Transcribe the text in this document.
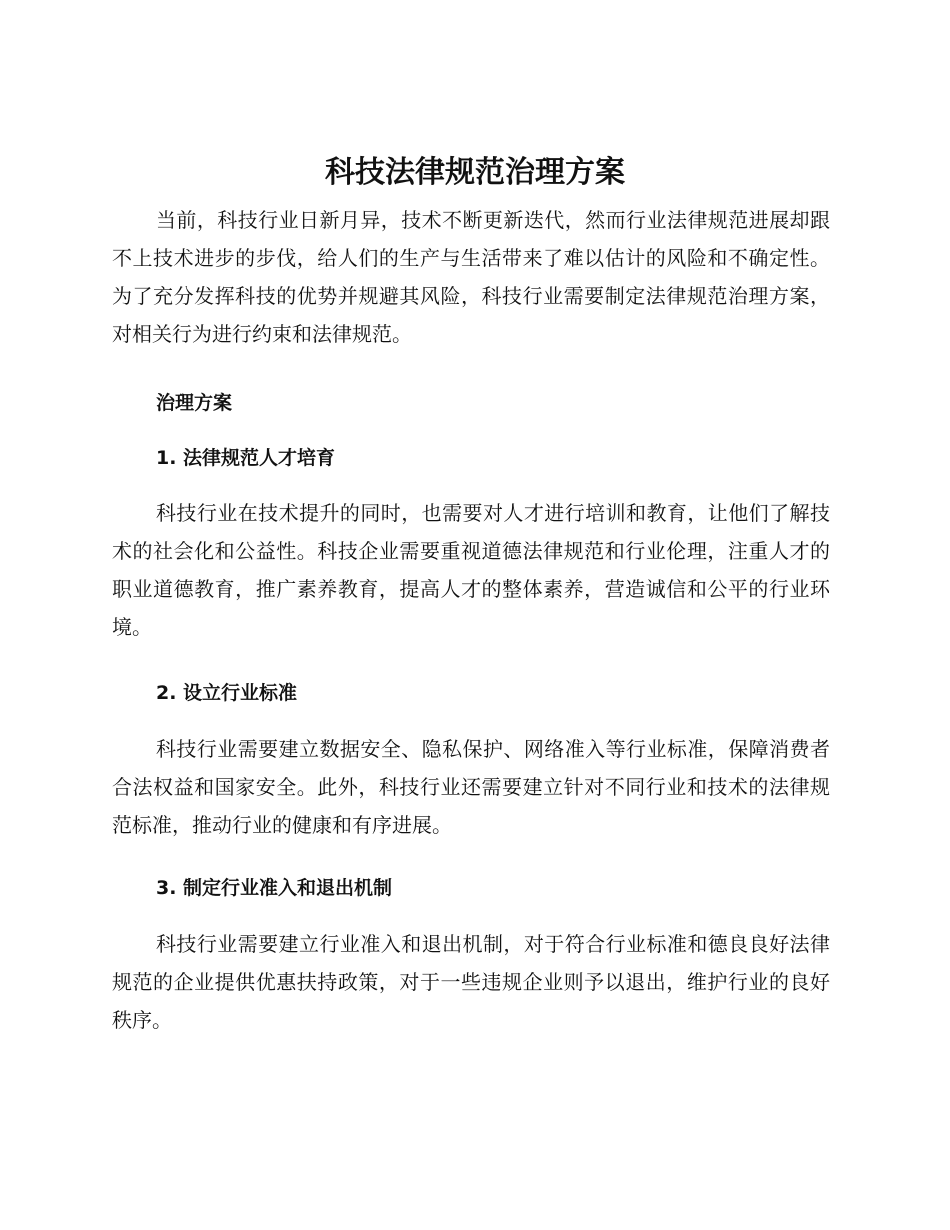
科技法律规范治理方案

当前，科技行业日新月异，技术不断更新迭代，然而行业法律规范进展却跟不上技术进步的步伐，给人们的生产与生活带来了难以估计的风险和不确定性。为了充分发挥科技的优势并规避其风险，科技行业需要制定法律规范治理方案，对相关行为进行约束和法律规范。

治理方案
1. 法律规范人才培育

科技行业在技术提升的同时，也需要对人才进行培训和教育，让他们了解技术的社会化和公益性。科技企业需要重视道德法律规范和行业伦理，注重人才的职业道德教育，推广素养教育，提高人才的整体素养，营造诚信和公平的行业环境。

2. 设立行业标准

科技行业需要建立数据安全、隐私保护、网络准入等行业标准，保障消费者合法权益和国家安全。此外，科技行业还需要建立针对不同行业和技术的法律规范标准，推动行业的健康和有序进展。

3. 制定行业准入和退出机制

科技行业需要建立行业准入和退出机制，对于符合行业标准和德良良好法律规范的企业提供优惠扶持政策，对于一些违规企业则予以退出，维护行业的良好秩序。
